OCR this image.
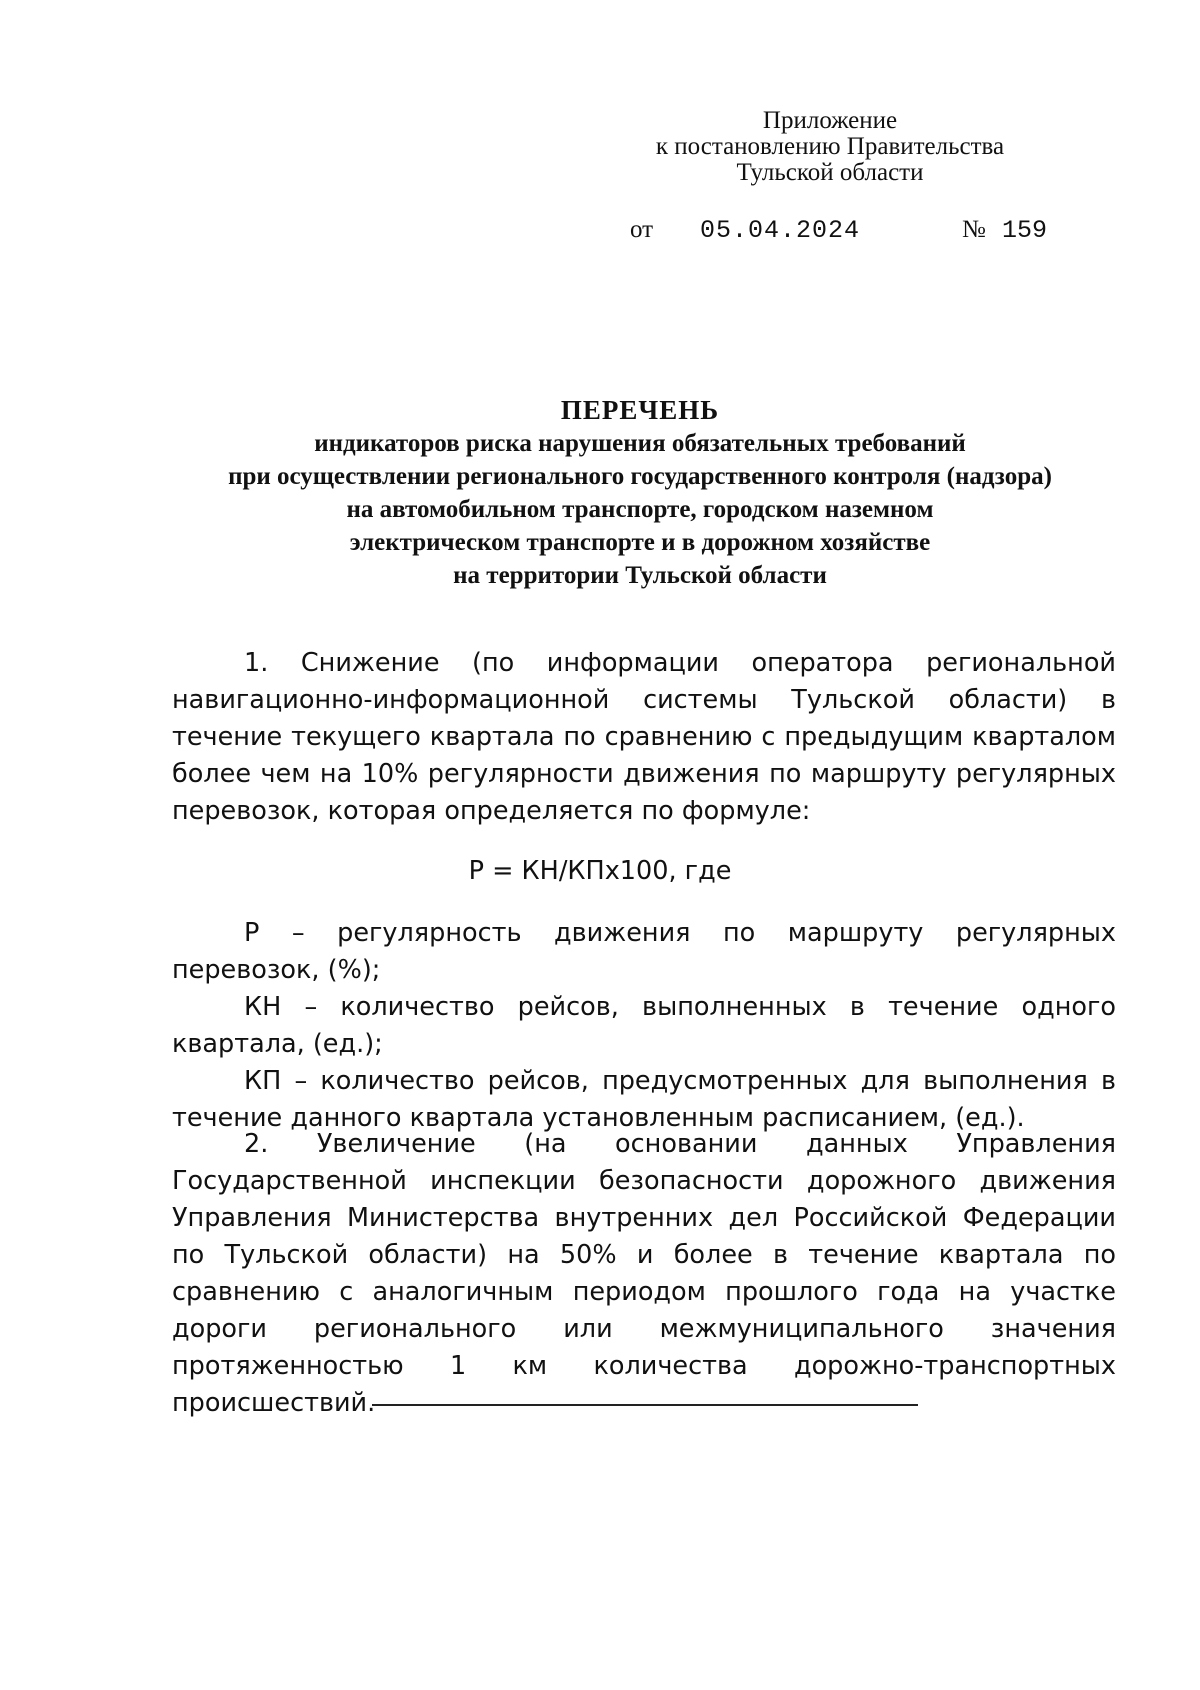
Приложение
к постановлению Правительства
Тульской области
от 05.04.2024	№ 159
ПЕРЕЧЕНЬ
индикаторов риска нарушения обязательных требований
при осуществлении регионального государственного контроля (надзора)
на автомобильном транспорте, городском наземном
электрическом транспорте и в дорожном хозяйстве
на территории Тульской области

1. Снижение (по информации оператора региональной навигационно-информационной системы Тульской области) в течение текущего квартала по сравнению с предыдущим кварталом более чем на 10% регулярности движения по маршруту регулярных перевозок, которая определяется по формуле:

Р = КН/КПх100, где

Р – регулярность движения по маршруту регулярных перевозок, (%);

КН – количество рейсов, выполненных в течение одного квартала, (ед.);

КП – количество рейсов, предусмотренных для выполнения в течение данного квартала установленным расписанием, (ед.).

2. Увеличение (на основании данных Управления Государственной инспекции безопасности дорожного движения Управления Министерства внутренних дел Российской Федерации по Тульской области) на 50% и более в течение квартала по сравнению с аналогичным периодом прошлого года на участке дороги регионального или межмуниципального значения протяженностью 1 км количества дорожно-транспортных происшествий.
